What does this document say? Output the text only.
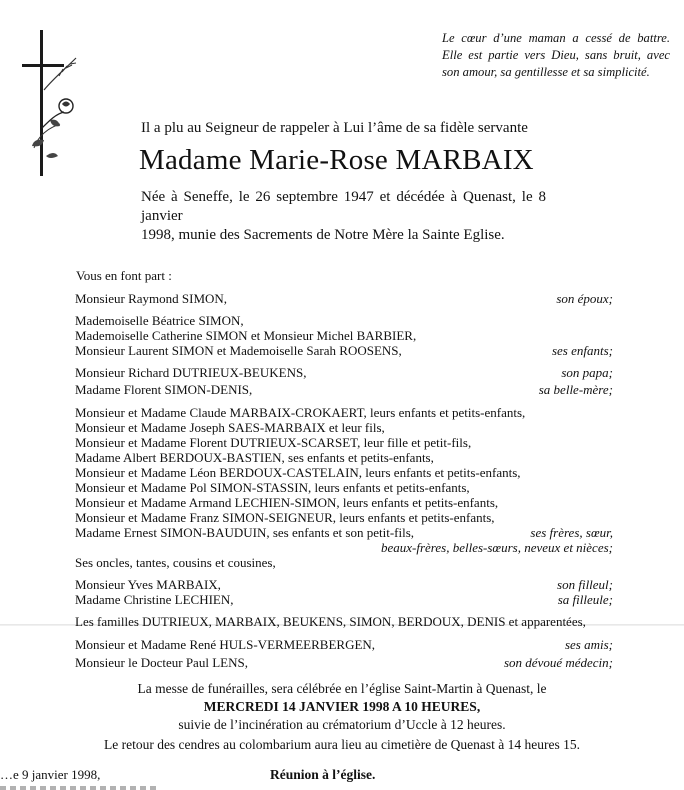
Le cœur d’une maman a cessé de battre.
Elle est partie vers Dieu, sans bruit, avec
son amour, sa gentillesse et sa simplicité.
Il a plu au Seigneur de rappeler à Lui l’âme de sa fidèle servante
Madame Marie-Rose MARBAIX
Née à Seneffe, le 26 septembre 1947 et décédée à Quenast, le 8 janvier
1998, munie des Sacrements de Notre Mère la Sainte Eglise.
Vous en font part :
Monsieur Raymond SIMON,	son époux;
Mademoiselle Béatrice SIMON,
Mademoiselle Catherine SIMON et Monsieur Michel BARBIER,
Monsieur Laurent SIMON et Mademoiselle Sarah ROOSENS,	ses enfants;
Monsieur Richard DUTRIEUX-BEUKENS,	son papa;
Madame Florent SIMON-DENIS,	sa belle-mère;
Monsieur et Madame Claude MARBAIX-CROKAERT, leurs enfants et petits-enfants,
Monsieur et Madame Joseph SAES-MARBAIX et leur fils,
Monsieur et Madame Florent DUTRIEUX-SCARSET, leur fille et petit-fils,
Madame Albert BERDOUX-BASTIEN, ses enfants et petits-enfants,
Monsieur et Madame Léon BERDOUX-CASTELAIN, leurs enfants et petits-enfants,
Monsieur et Madame Pol SIMON-STASSIN, leurs enfants et petits-enfants,
Monsieur et Madame Armand LECHIEN-SIMON, leurs enfants et petits-enfants,
Monsieur et Madame Franz SIMON-SEIGNEUR, leurs enfants et petits-enfants,
Madame Ernest SIMON-BAUDUIN, ses enfants et son petit-fils,	ses frères, sœur,
beaux-frères, belles-sœurs, neveux et nièces;
Ses oncles, tantes, cousins et cousines,
Monsieur Yves MARBAIX,	son filleul;
Madame Christine LECHIEN,	sa filleule;
Les familles DUTRIEUX, MARBAIX, BEUKENS, SIMON, BERDOUX, DENIS et apparentées,
Monsieur et Madame René HULS-VERMEERBERGEN,	ses amis;
Monsieur le Docteur Paul LENS,	son dévoué médecin;
La messe de funérailles, sera célébrée en l’église Saint-Martin à Quenast, le
MERCREDI 14 JANVIER 1998 A 10 HEURES,
suivie de l’incinération au crématorium d’Uccle à 12 heures.
Le retour des cendres au colombarium aura lieu au cimetière de Quenast à 14 heures 15.
…e 9 janvier 1998,	Réunion à l’église.
